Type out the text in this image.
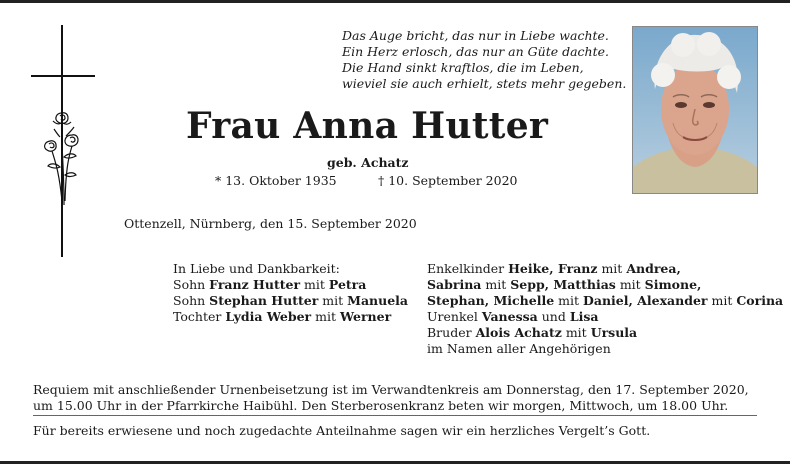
Das Auge bricht, das nur in Liebe wachte.
Ein Herz erlosch, das nur an Güte dachte.
Die Hand sinkt kraftlos, die im Leben,
wieviel sie auch erhielt, stets mehr gegeben.
Frau Anna Hutter
geb. Achatz
* 13. Oktober 1935	† 10. September 2020
Ottenzell, Nürnberg, den 15. September 2020
In Liebe und Dankbarkeit:
Sohn Franz Hutter mit Petra
Sohn Stephan Hutter mit Manuela
Tochter Lydia Weber mit Werner
Enkelkinder Heike, Franz mit Andrea,
Sabrina mit Sepp, Matthias mit Simone,
Stephan, Michelle mit Daniel, Alexander mit Corina
Urenkel Vanessa und Lisa
Bruder Alois Achatz mit Ursula
im Namen aller Angehörigen
Requiem mit anschließender Urnenbeisetzung ist im Verwandtenkreis am Donnerstag, den 17. September 2020, um 15.00 Uhr in der Pfarrkirche Haibühl. Den Sterberosenkranz beten wir morgen, Mittwoch, um 18.00 Uhr.
Für bereits erwiesene und noch zugedachte Anteilnahme sagen wir ein herzliches Vergelt’s Gott.
